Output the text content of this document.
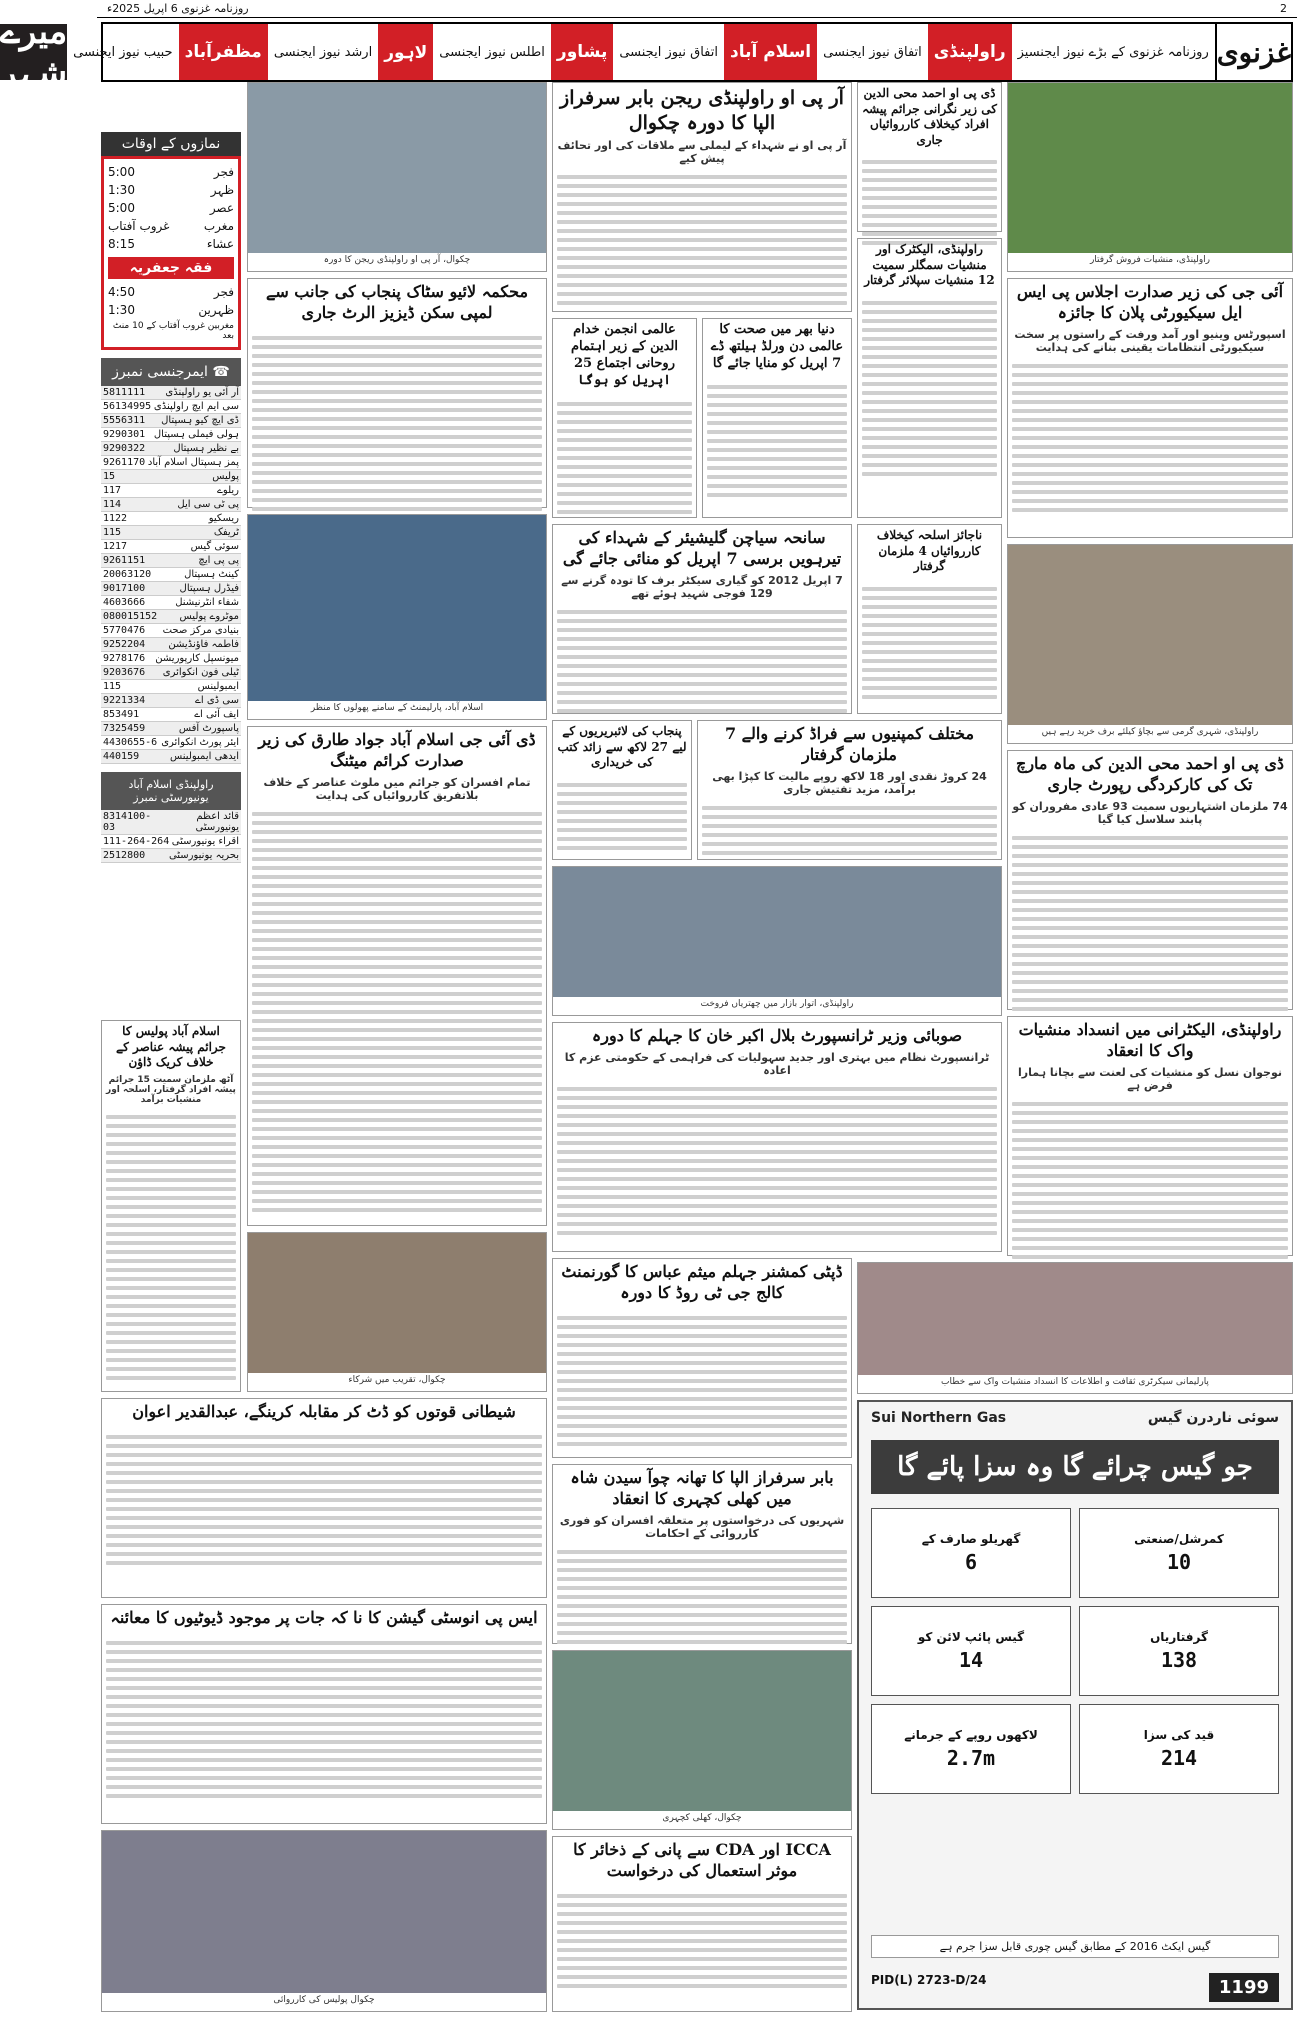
2
روزنامہ غزنوی 6 اپریل 2025ء
غزنوی
روزنامہ غزنوی کے بڑے نیوز ایجنسیز
راولپنڈی
اتفاق نیوز ایجنسی
اسلام آباد
اتفاق نیوز ایجنسی
پشاور
اطلس نیوز ایجنسی
لاہور
ارشد نیوز ایجنسی
مظفرآباد
حبیب نیوز ایجنسی
میرے شہر
نمازوں کے اوقات
فجر
5:00
ظہر
1:30
عصر
5:00
مغرب
غروب آفتاب
عشاء
8:15
فقہ جعفریہ
فجر
4:50
ظہرین
1:30
مغربین غروب آفتاب کے 10 منٹ بعد
☎ ایمرجنسی نمبرز
آر آئی یو راولپنڈی
5811111
سی ایم ایچ راولپنڈی
56134995
ڈی ایچ کیو ہسپتال
5556311
ہولی فیملی ہسپتال
9290301
بے نظیر ہسپتال
9290322
پمز ہسپتال اسلام آباد
9261170
پولیس
15
ریلوے
117
پی ٹی سی ایل
114
ریسکیو
1122
ٹریفک
115
سوئی گیس
1217
پی پی ایچ
9261151
کینٹ ہسپتال
20063120
فیڈرل ہسپتال
9017100
شفاء انٹرنیشنل
4603666
موٹروے پولیس
080015152
بنیادی مرکز صحت
5770476
فاطمہ فاؤنڈیشن
9252204
میونسپل کارپوریشن
9278176
ٹیلی فون انکوائری
9203676
ایمبولینس
115
سی ڈی اے
9221334
ایف آئی اے
853491
پاسپورٹ آفس
7325459
ایئر پورٹ انکوائری
4430655-6
ایدھی ایمبولینس
440159
راولپنڈی اسلام آباد یونیورسٹی نمبرز
قائد اعظم یونیورسٹی
8314100-03
اقراء یونیورسٹی
111-264-264
بحریہ یونیورسٹی
2512800
چکوال، آر پی او راولپنڈی ریجن کا دورہ
آر پی او راولپنڈی ریجن بابر سرفراز الپا کا دورہ چکوال
آر پی او نے شہداء کے لیملی سے ملاقات کی اور تحائف پیش کیے
ڈی پی او احمد محی الدین کی زیر نگرانی جرائم پیشہ افراد کیخلاف کارروائیاں جاری
راولپنڈی، منشیات فروش گرفتار
محکمہ لائیو سٹاک پنجاب کی جانب سے لمپی سکن ڈیزیز الرٹ جاری
عالمی انجمن خدام الدین کے زیر اہتمام روحانی اجتماع 25 اپریل کو ہوگا
دنیا بھر میں صحت کا عالمی دن ورلڈ ہیلتھ ڈے 7 اپریل کو منایا جائے گا
راولپنڈی، الیکٹرک اور منشیات سمگلر سمیت 12 منشیات سپلائر گرفتار
آئی جی کی زیر صدارت اجلاس پی ایس ایل سیکیورٹی پلان کا جائزہ
اسپورٹس وینیو اور آمد ورفت کے راستوں پر سخت سیکیورٹی انتظامات یقینی بنانے کی ہدایت
اسلام آباد، پارلیمنٹ کے سامنے پھولوں کا منظر
سانحہ سیاچن گلیشیئر کے شہداء کی تیرہویں برسی 7 اپریل کو منائی جائے گی
7 اپریل 2012 کو گیاری سیکٹر برف کا تودہ گرنے سے 129 فوجی شہید ہوئے تھے
ناجائز اسلحہ کیخلاف کارروائیاں 4 ملزمان گرفتار
راولپنڈی، شہری گرمی سے بچاؤ کیلئے برف خرید رہے ہیں
ڈی آئی جی اسلام آباد جواد طارق کی زیر صدارت کرائم میٹنگ
تمام افسران کو جرائم میں ملوث عناصر کے خلاف بلاتفریق کارروائیاں کی ہدایت
پنجاب کی لائبریریوں کے لیے 27 لاکھ سے زائد کتب کی خریداری
مختلف کمپنیوں سے فراڈ کرنے والے 7 ملزمان گرفتار
24 کروڑ نقدی اور 18 لاکھ روپے مالیت کا کپڑا بھی برآمد، مزید تفتیش جاری
ڈی پی او احمد محی الدین کی ماہ مارچ تک کی کارکردگی رپورٹ جاری
74 ملزمان اشتہاریوں سمیت 93 عادی مفروران کو پابند سلاسل کیا گیا
راولپنڈی، اتوار بازار میں چھتریاں فروخت
راولپنڈی، الیکٹرانی میں انسداد منشیات واک کا انعقاد
نوجوان نسل کو منشیات کی لعنت سے بچانا ہمارا فرض ہے
صوبائی وزیر ٹرانسپورٹ بلال اکبر خان کا جہلم کا دورہ
ٹرانسپورٹ نظام میں بہتری اور جدید سہولیات کی فراہمی کے حکومتی عزم کا اعادہ
چکوال، تقریب میں شرکاء
اسلام آباد پولیس کا جرائم پیشہ عناصر کے خلاف کریک ڈاؤن
آٹھ ملزمان سمیت 15 جرائم پیشہ افراد گرفتار، اسلحہ اور منشیات برآمد
پارلیمانی سیکرٹری ثقافت و اطلاعات کا انسداد منشیات واک سے خطاب
ڈپٹی کمشنر جہلم میثم عباس کا گورنمنٹ کالج جی ٹی روڈ کا دورہ
بابر سرفراز الپا کا تھانہ چوآ سیدن شاہ میں کھلی کچہری کا انعقاد
شہریوں کی درخواستوں پر متعلقہ افسران کو فوری کارروائی کے احکامات
چکوال، کھلی کچہری
ICCA اور CDA سے پانی کے ذخائر کا موثر استعمال کی درخواست
شیطانی قوتوں کو ڈٹ کر مقابلہ کرینگے، عبدالقدیر اعوان
ایس پی انوسٹی گیشن کا نا کہ جات پر موجود ڈیوٹیوں کا معائنہ
چکوال پولیس کی کارروائی
سوئی ناردرن گیس
Sui Northern Gas
جو گیس چرائے گا وہ سزا پائے گا
کمرشل/صنعتی
10
گھریلو صارف کے
6
گرفتاریاں
138
گیس پائپ لائن کو
14
قید کی سزا
214
لاکھوں روپے کے جرمانے
2.7m
گیس ایکٹ 2016 کے مطابق گیس چوری قابل سزا جرم ہے
PID(L) 2723-D/24	1199
